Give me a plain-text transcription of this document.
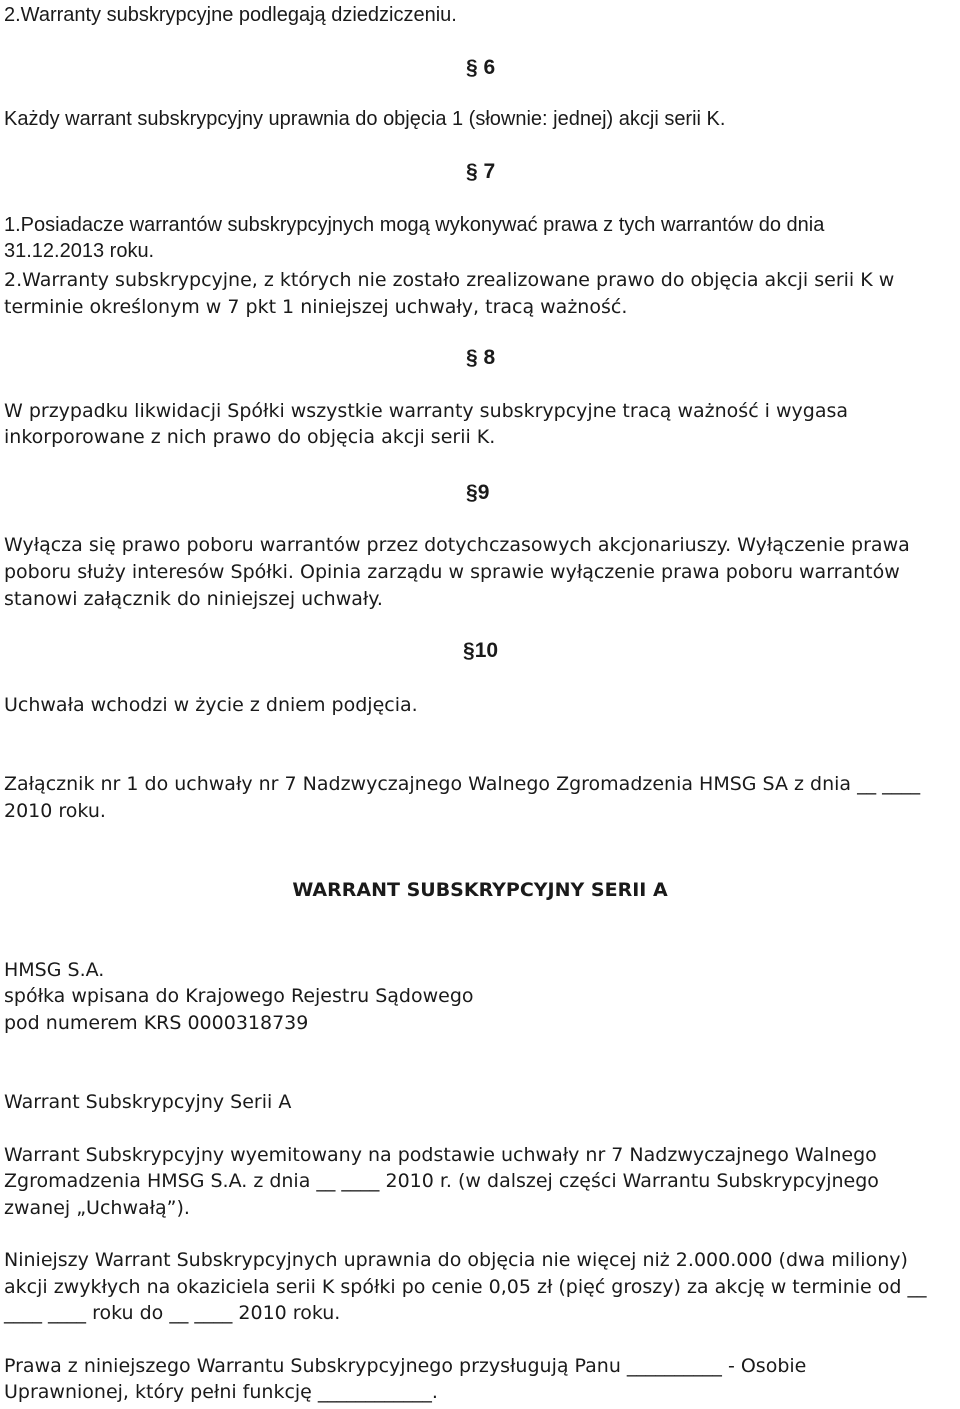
2.Warranty subskrypcyjne podlegają dziedziczeniu.
§ 6
Każdy warrant subskrypcyjny uprawnia do objęcia 1 (słownie: jednej) akcji serii K.
§ 7
1.Posiadacze warrantów subskrypcyjnych mogą wykonywać prawa z tych warrantów do dnia
31.12.2013 roku.
2.Warranty subskrypcyjne, z których nie zostało zrealizowane prawo do objęcia akcji serii K w
terminie określonym w 7 pkt 1 niniejszej uchwały, tracą ważność.
§ 8
W przypadku likwidacji Spółki wszystkie warranty subskrypcyjne tracą ważność i wygasa
inkorporowane z nich prawo do objęcia akcji serii K.
§9
Wyłącza się prawo poboru warrantów przez dotychczasowych akcjonariuszy. Wyłączenie prawa
poboru służy interesów Spółki. Opinia zarządu w sprawie wyłączenie prawa poboru warrantów
stanowi załącznik do niniejszej uchwały.
§10
Uchwała wchodzi w życie z dniem podjęcia.
Załącznik nr 1 do uchwały nr 7 Nadzwyczajnego Walnego Zgromadzenia HMSG SA z dnia __ ____
2010 roku.
WARRANT SUBSKRYPCYJNY SERII A
HMSG S.A.
spółka wpisana do Krajowego Rejestru Sądowego
pod numerem KRS 0000318739
Warrant Subskrypcyjny Serii A
Warrant Subskrypcyjny wyemitowany na podstawie uchwały nr 7 Nadzwyczajnego Walnego
Zgromadzenia HMSG S.A. z dnia __ ____ 2010 r. (w dalszej części Warrantu Subskrypcyjnego
zwanej „Uchwałą”).
Niniejszy Warrant Subskrypcyjnych uprawnia do objęcia nie więcej niż 2.000.000 (dwa miliony)
akcji zwykłych na okaziciela serii K spółki po cenie 0,05 zł (pięć groszy) za akcję w terminie od __
____ ____ roku do __ ____ 2010 roku.
Prawa z niniejszego Warrantu Subskrypcyjnego przysługują Panu __________ - Osobie
Uprawnionej, który pełni funkcję ____________.
